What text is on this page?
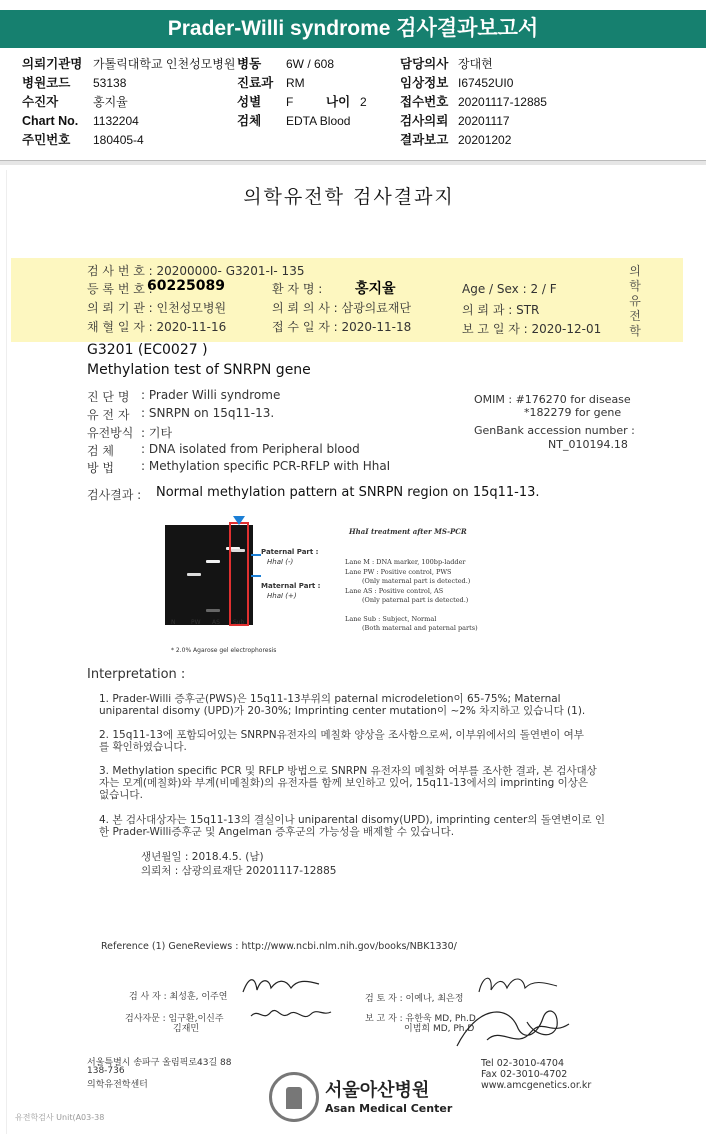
Prader-Willi syndrome 검사결과보고서
의뢰기관명 가톨릭대학교 인천성모병원 병동 6W / 608	담당의사 장대현
병원코드 53138	진료과 RM	임상정보 I67452UI0
수진자	홍지율	성별 F	나이 2	접수번호 20201117-12885
Chart No. 1132204	검체 EDTA Blood	검사의뢰 20201117
주민번호 180405-4	결과보고 20201202
의학유전학 검사결과지
의학유전학
검 사 번 호 : 20200000- G3201-I- 135
등 록 번 호 :
60225089	환 자 명 : 홍지율	Age / Sex : 2 / F
의 뢰 기 관 : 인천성모병원	의 뢰 의 사 : 삼광의료재단	의 뢰 과 : STR
채 혈 일 자 : 2020-11-16	접 수 일 자 : 2020-11-18	보 고 일 자 : 2020-12-01
G3201 (EC0027 )
Methylation test of SNRPN gene
진 단 명 : Prader Willi syndrome
유 전 자 : SNRPN on 15q11-13.
유전방식 : 기타
검 체 : DNA isolated from Peripheral blood
방 법 : Methylation specific PCR-RFLP with HhaI
OMIM : #176270 for disease
*182279 for gene
GenBank accession number :
NT_010194.18
검사결과 : Normal methylation pattern at SNRPN region on 15q11-13.
Paternal Part :
HhaI (-)
Maternal Part :
HhaI (+)
N	PW AS Sub
* 2.0% Agarose gel electrophoresis
HhaI treatment after MS-PCR
Lane M : DNA marker, 100bp-ladder
Lane PW : Positive control, PWS
(Only maternal part is detected.)
Lane AS : Positive control, AS
(Only paternal part is detected.)
Lane Sub : Subject, Normal
(Both maternal and paternal parts)
Interpretation :
1. Prader-Willi 증후군(PWS)은 15q11-13부위의 paternal microdeletion이 65-75%; Maternal
uniparental disomy (UPD)가 20-30%; Imprinting center mutation이 ~2% 차지하고 있습니다 (1).
2. 15q11-13에 포함되어있는 SNRPN유전자의 메칠화 양상을 조사함으로써, 이부위에서의 돌연변이 여부
를 확인하였습니다.
3. Methylation specific PCR 및 RFLP 방법으로 SNRPN 유전자의 메칠화 여부를 조사한 결과, 본 검사대상
자는 모계(메칠화)와 부계(비메칠화)의 유전자를 함께 보인하고 있어, 15q11-13에서의 imprinting 이상은
없습니다.
4. 본 검사대상자는 15q11-13의 결실이나 uniparental disomy(UPD), imprinting center의 돌연변이로 인
한 Prader-Willi증후군 및 Angelman 증후군의 가능성을 배제할 수 있습니다.
생년월일 : 2018.4.5. (남)
의뢰처 : 삼광의료재단 20201117-12885
Reference (1) GeneReviews : http://www.ncbi.nlm.nih.gov/books/NBK1330/
검 사 자 : 최성훈, 이주연
검사자문 : 임구환,이신주
김재민
검 토 자 : 이예나, 최은정
보 고 자 : 유한욱 MD, Ph.D
이범희 MD, Ph.D
서울특별시 송파구 올림픽로43길 88
138-736
의학유전학센터	서울아산병원
Asan Medical Center
Tel 02-3010-4704
Fax 02-3010-4702
www.amcgenetics.or.kr
유전학검사 Unit(A03-38
